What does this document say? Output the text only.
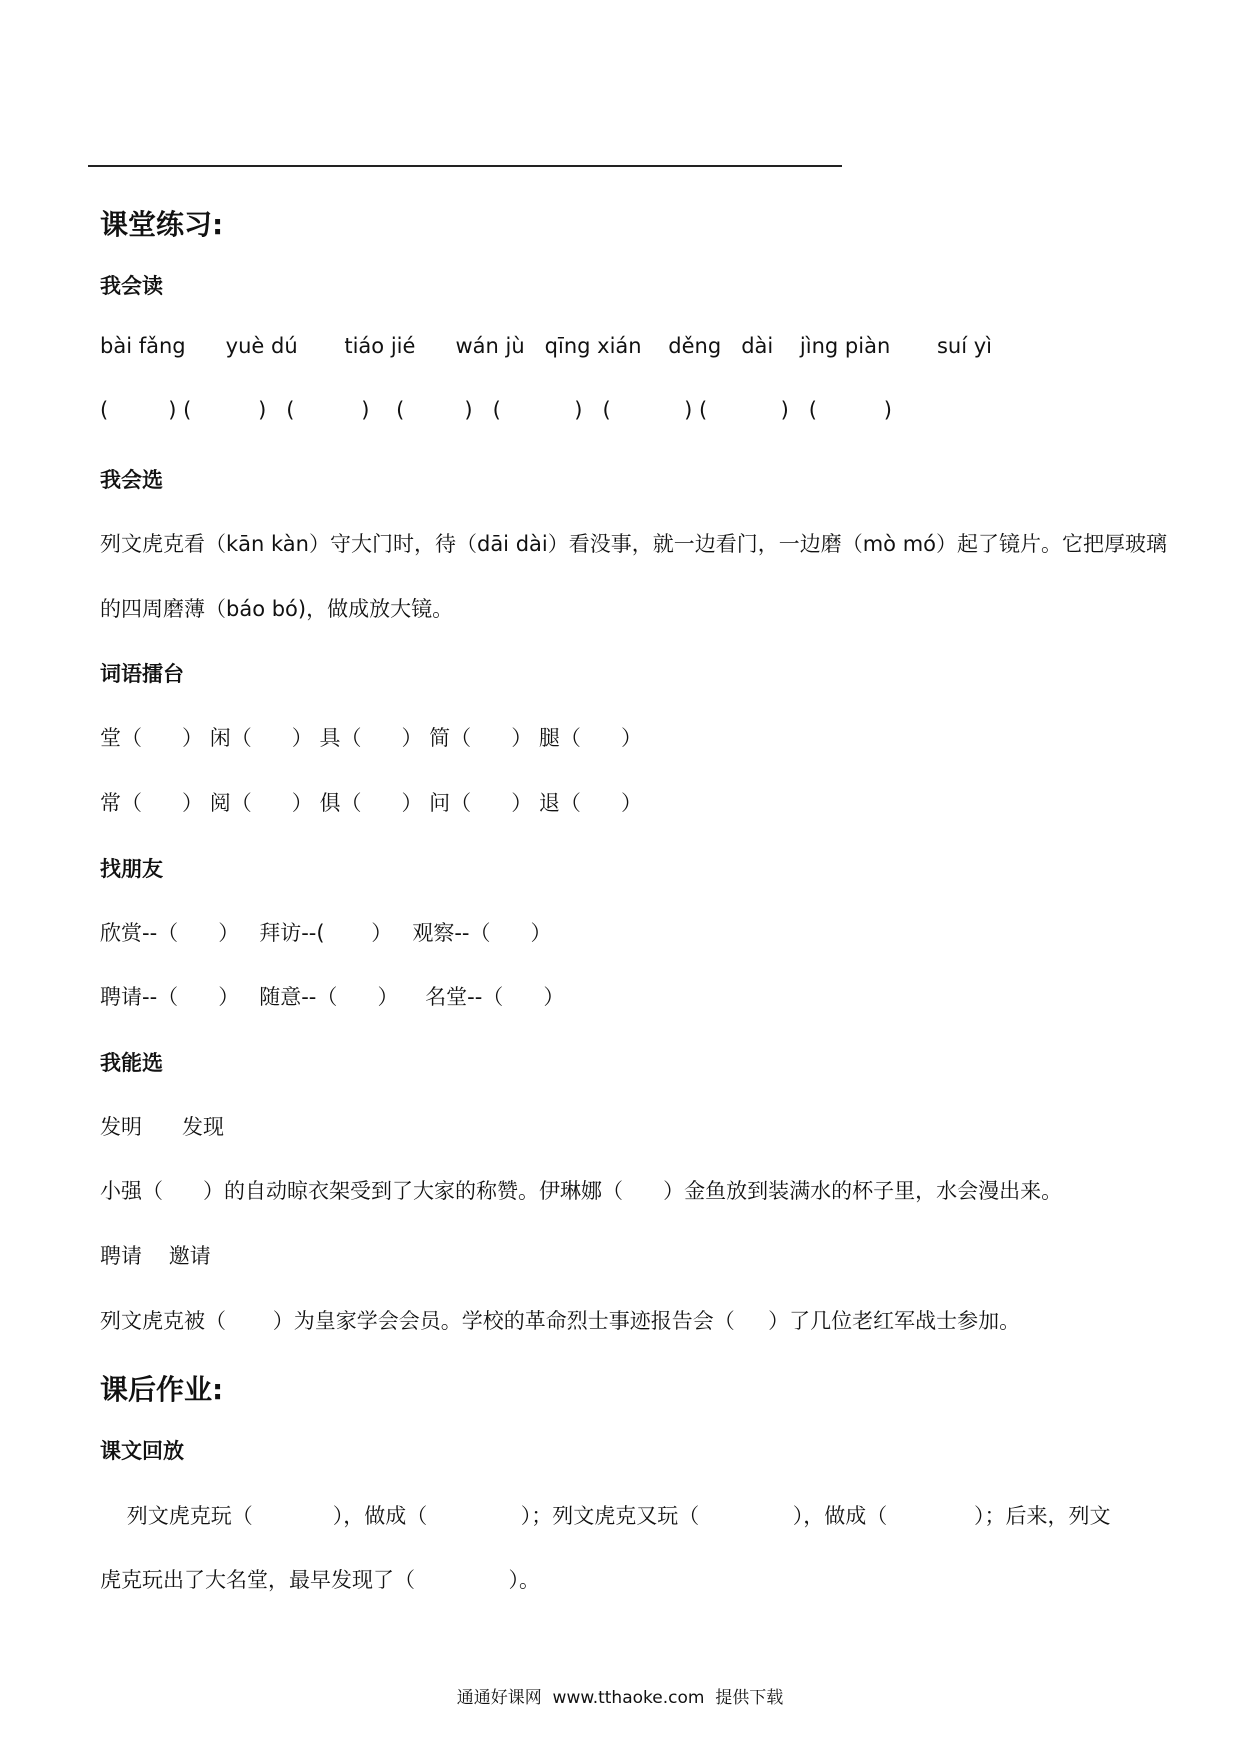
课堂练习:
我会读
bài fǎng      yuè dú       tiáo jié      wán jù   qīng xián    děng   dài    jìng piàn       suí yì
(         ) (          )   (          )    (         )   (           )   (           ) (           )   (          )
我会选
列文虎克看（kān kàn）守大门时，待（dāi dài）看没事，就一边看门，一边磨（mò mó）起了镜片。它把厚玻璃
的四周磨薄（báo bó)，做成放大镜。
词语擂台
堂（      ） 闲（      ） 具（      ） 简（      ） 腿（      ）
常（      ） 阅（      ） 俱（      ） 问（      ） 退（      ）
找朋友
欣赏--（      ）   拜访--(       ）   观察--（      ）
聘请--（      ）   随意--（      ）    名堂--（      ）
我能选
发明      发现
小强（      ）的自动晾衣架受到了大家的称赞。伊琳娜（      ）金鱼放到装满水的杯子里，水会漫出来。
聘请    邀请
列文虎克被（       ）为皇家学会会员。学校的革命烈士事迹报告会（     ）了几位老红军战士参加。
课后作业:
课文回放
列文虎克玩（            ），做成（              ）；列文虎克又玩（              ），做成（             ）；后来，列文
虎克玩出了大名堂，最早发现了（              ）。
通通好课网  www.tthaoke.com  提供下载
